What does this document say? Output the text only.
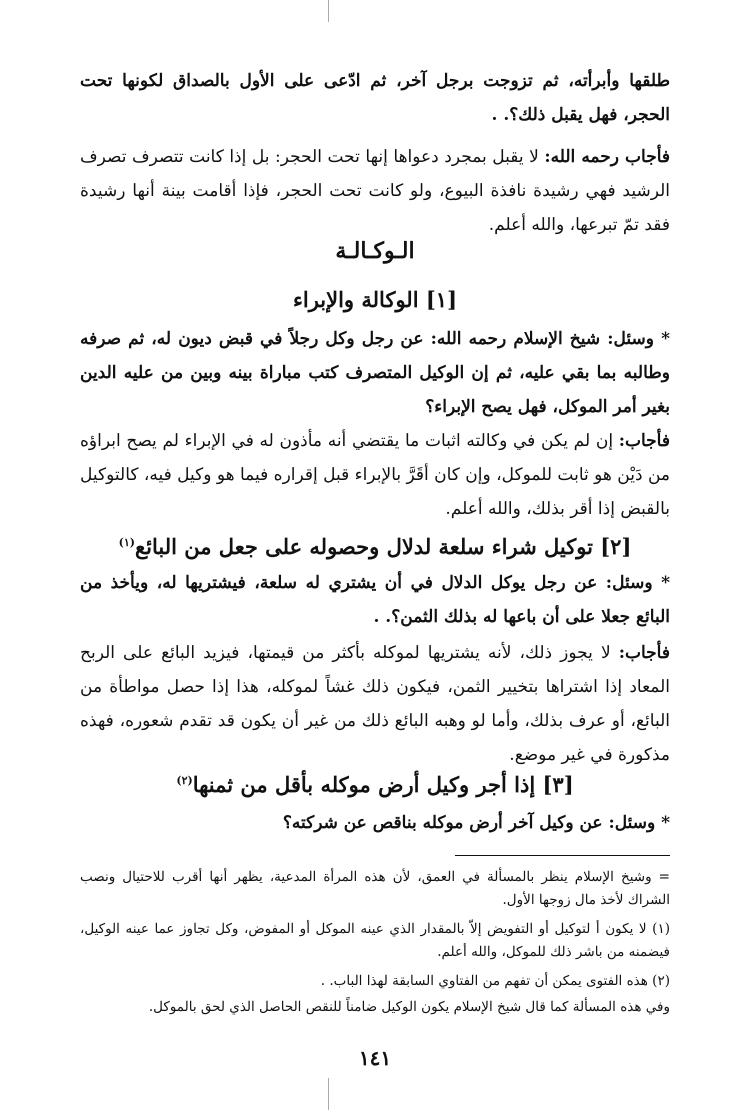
طلقها وأبرأته، ثم تزوجت برجل آخر، ثم ادّعى على الأول بالصداق لكونها تحت الحجر، فهل يقبل ذلك؟. .

فأجاب رحمه الله: لا يقبل بمجرد دعواها إنها تحت الحجر: بل إذا كانت تتصرف تصرف الرشيد فهي رشيدة نافذة البيوع، ولو كانت تحت الحجر، فإذا أقامت بينة أنها رشيدة فقد تمّ تبرعها، والله أعلم.

الـوكـالـة
[١] الوكالة والإبراء

* وسئل: شيخ الإسلام رحمه الله: عن رجل وكل رجلاً في قبض ديون له، ثم صرفه وطالبه بما بقي عليه، ثم إن الوكيل المتصرف كتب مباراة بينه وبين من عليه الدين بغير أمر الموكل، فهل يصح الإبراء؟

فأجاب: إن لم يكن في وكالته اثبات ما يقتضي أنه مأذون له في الإبراء لم يصح ابراؤه من دَيْن هو ثابت للموكل، وإن كان أقَرَّ بالإبراء قبل إقراره فيما هو وكيل فيه، كالتوكيل بالقبض إذا أقر بذلك، والله أعلم.

[٢] توكيل شراء سلعة لدلال وحصوله على جعل من البائع$^{(١)}$

* وسئل: عن رجل يوكل الدلال في أن يشتري له سلعة، فيشتريها له، ويأخذ من البائع جعلا على أن باعها له بذلك الثمن؟. .

فأجاب: لا يجوز ذلك، لأنه يشتريها لموكله بأكثر من قيمتها، فيزيد البائع على الربح المعاد إذا اشتراها بتخيير الثمن، فيكون ذلك غشاً لموكله، هذا إذا حصل مواطأة من البائع، أو عرف بذلك، وأما لو وهبه البائع ذلك من غير أن يكون قد تقدم شعوره، فهذه مذكورة في غير موضع.

[٣] إذا أجر وكيل أرض موكله بأقل من ثمنها$^{(٢)}$

* وسئل: عن وكيل آخر أرض موكله بناقص عن شركته؟

= وشيخ الإسلام ينظر بالمسألة في العمق، لأن هذه المرأة المدعية، يظهر أنها أقرب للاحتيال ونصب الشراك لأخذ مال زوجها الأول.

(١) لا يكون أ لتوكيل أو التفويض إلاّ بالمقدار الذي عينه الموكل أو المفوض، وكل تجاوز عما عينه الوكيل، فيضمنه من باشر ذلك للموكل، والله أعلم.

(٢) هذه الفتوى يمكن أن تفهم من الفتاوي السابقة لهذا الباب. .

وفي هذه المسألة كما قال شيخ الإسلام يكون الوكيل ضامناً للنقص الحاصل الذي لحق بالموكل.

١٤١
